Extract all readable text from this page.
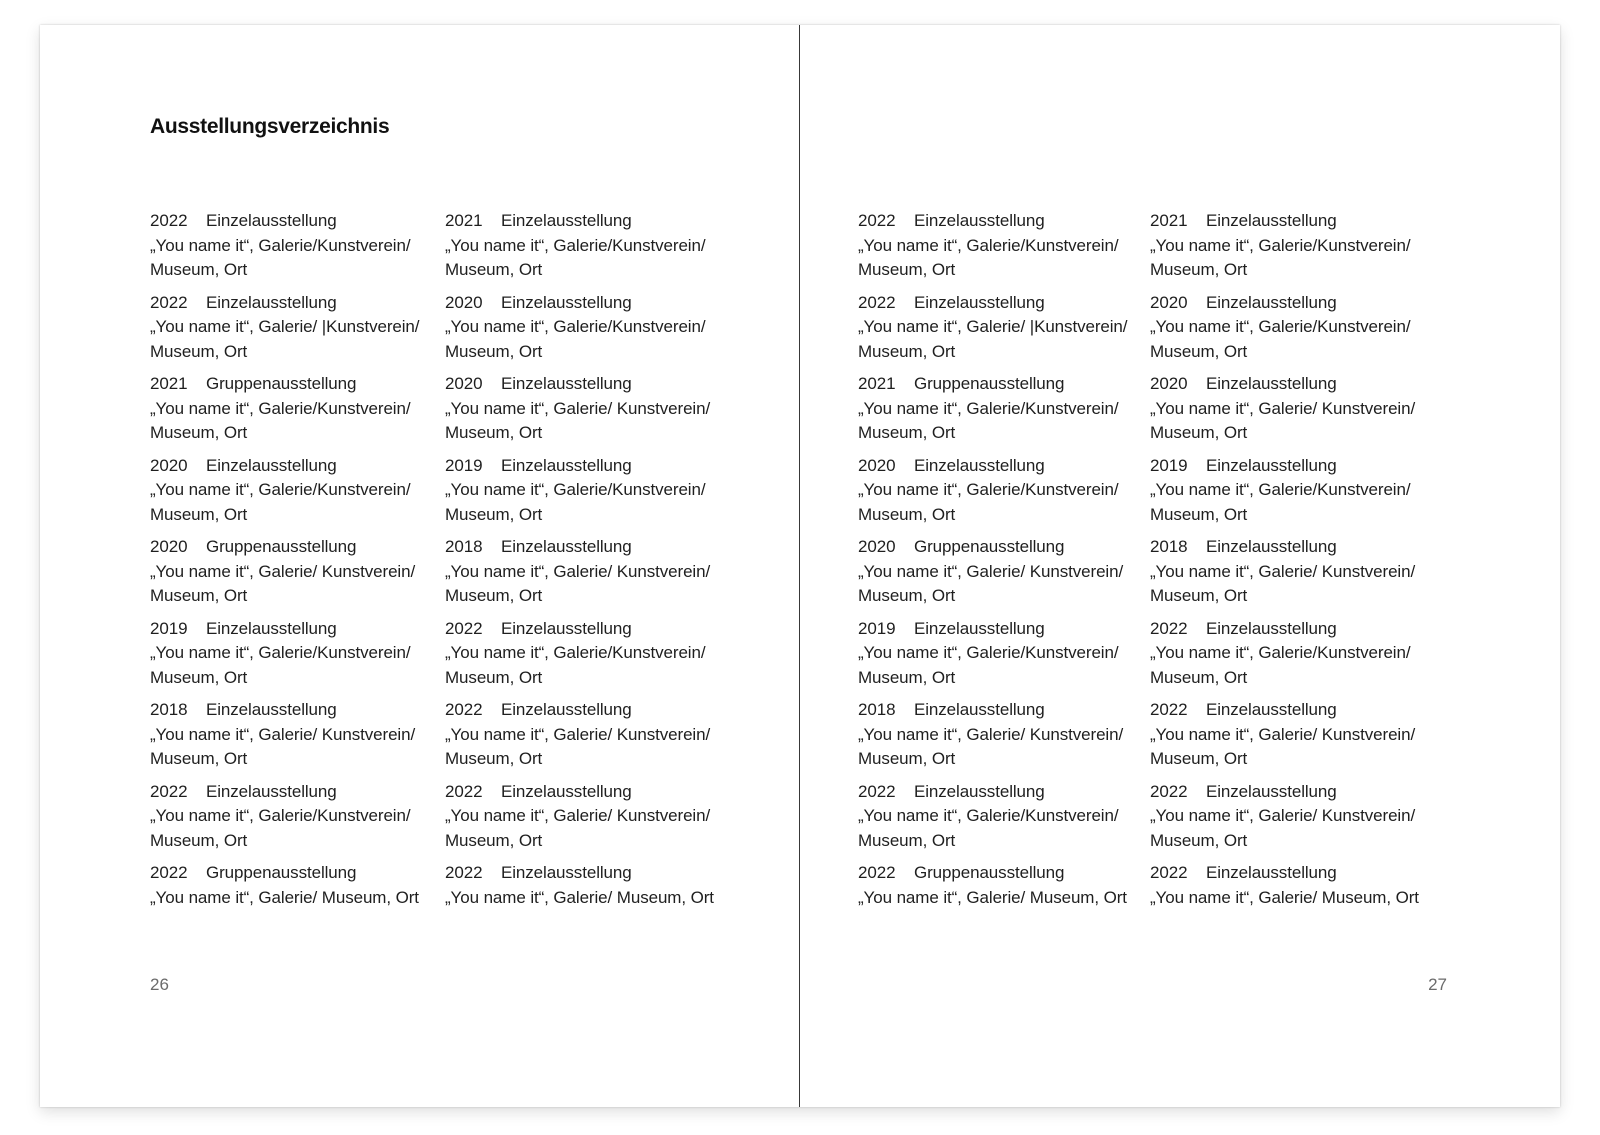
Ausstellungsverzeichnis
2022 Einzelausstellung
„You name it“, Galerie/Kunstverein/
Museum, Ort
2022 Einzelausstellung
„You name it“, Galerie/ |Kunstverein/
Museum, Ort
2021 Gruppenausstellung
„You name it“, Galerie/Kunstverein/
Museum, Ort
2020 Einzelausstellung
„You name it“, Galerie/Kunstverein/
Museum, Ort
2020 Gruppenausstellung
„You name it“, Galerie/ Kunstverein/
Museum, Ort
2019 Einzelausstellung
„You name it“, Galerie/Kunstverein/
Museum, Ort
2018 Einzelausstellung
„You name it“, Galerie/ Kunstverein/
Museum, Ort
2022 Einzelausstellung
„You name it“, Galerie/Kunstverein/
Museum, Ort
2022 Gruppenausstellung
„You name it“, Galerie/ Museum, Ort
2021 Einzelausstellung
„You name it“, Galerie/Kunstverein/
Museum, Ort
2020 Einzelausstellung
„You name it“, Galerie/Kunstverein/
Museum, Ort
2020 Einzelausstellung
„You name it“, Galerie/ Kunstverein/
Museum, Ort
2019 Einzelausstellung
„You name it“, Galerie/Kunstverein/
Museum, Ort
2018 Einzelausstellung
„You name it“, Galerie/ Kunstverein/
Museum, Ort
2022 Einzelausstellung
„You name it“, Galerie/Kunstverein/
Museum, Ort
2022 Einzelausstellung
„You name it“, Galerie/ Kunstverein/
Museum, Ort
2022 Einzelausstellung
„You name it“, Galerie/ Kunstverein/
Museum, Ort
2022 Einzelausstellung
„You name it“, Galerie/ Museum, Ort
26
2022 Einzelausstellung
„You name it“, Galerie/Kunstverein/
Museum, Ort
2022 Einzelausstellung
„You name it“, Galerie/ |Kunstverein/
Museum, Ort
2021 Gruppenausstellung
„You name it“, Galerie/Kunstverein/
Museum, Ort
2020 Einzelausstellung
„You name it“, Galerie/Kunstverein/
Museum, Ort
2020 Gruppenausstellung
„You name it“, Galerie/ Kunstverein/
Museum, Ort
2019 Einzelausstellung
„You name it“, Galerie/Kunstverein/
Museum, Ort
2018 Einzelausstellung
„You name it“, Galerie/ Kunstverein/
Museum, Ort
2022 Einzelausstellung
„You name it“, Galerie/Kunstverein/
Museum, Ort
2022 Gruppenausstellung
„You name it“, Galerie/ Museum, Ort
2021 Einzelausstellung
„You name it“, Galerie/Kunstverein/
Museum, Ort
2020 Einzelausstellung
„You name it“, Galerie/Kunstverein/
Museum, Ort
2020 Einzelausstellung
„You name it“, Galerie/ Kunstverein/
Museum, Ort
2019 Einzelausstellung
„You name it“, Galerie/Kunstverein/
Museum, Ort
2018 Einzelausstellung
„You name it“, Galerie/ Kunstverein/
Museum, Ort
2022 Einzelausstellung
„You name it“, Galerie/Kunstverein/
Museum, Ort
2022 Einzelausstellung
„You name it“, Galerie/ Kunstverein/
Museum, Ort
2022 Einzelausstellung
„You name it“, Galerie/ Kunstverein/
Museum, Ort
2022 Einzelausstellung
„You name it“, Galerie/ Museum, Ort
27
